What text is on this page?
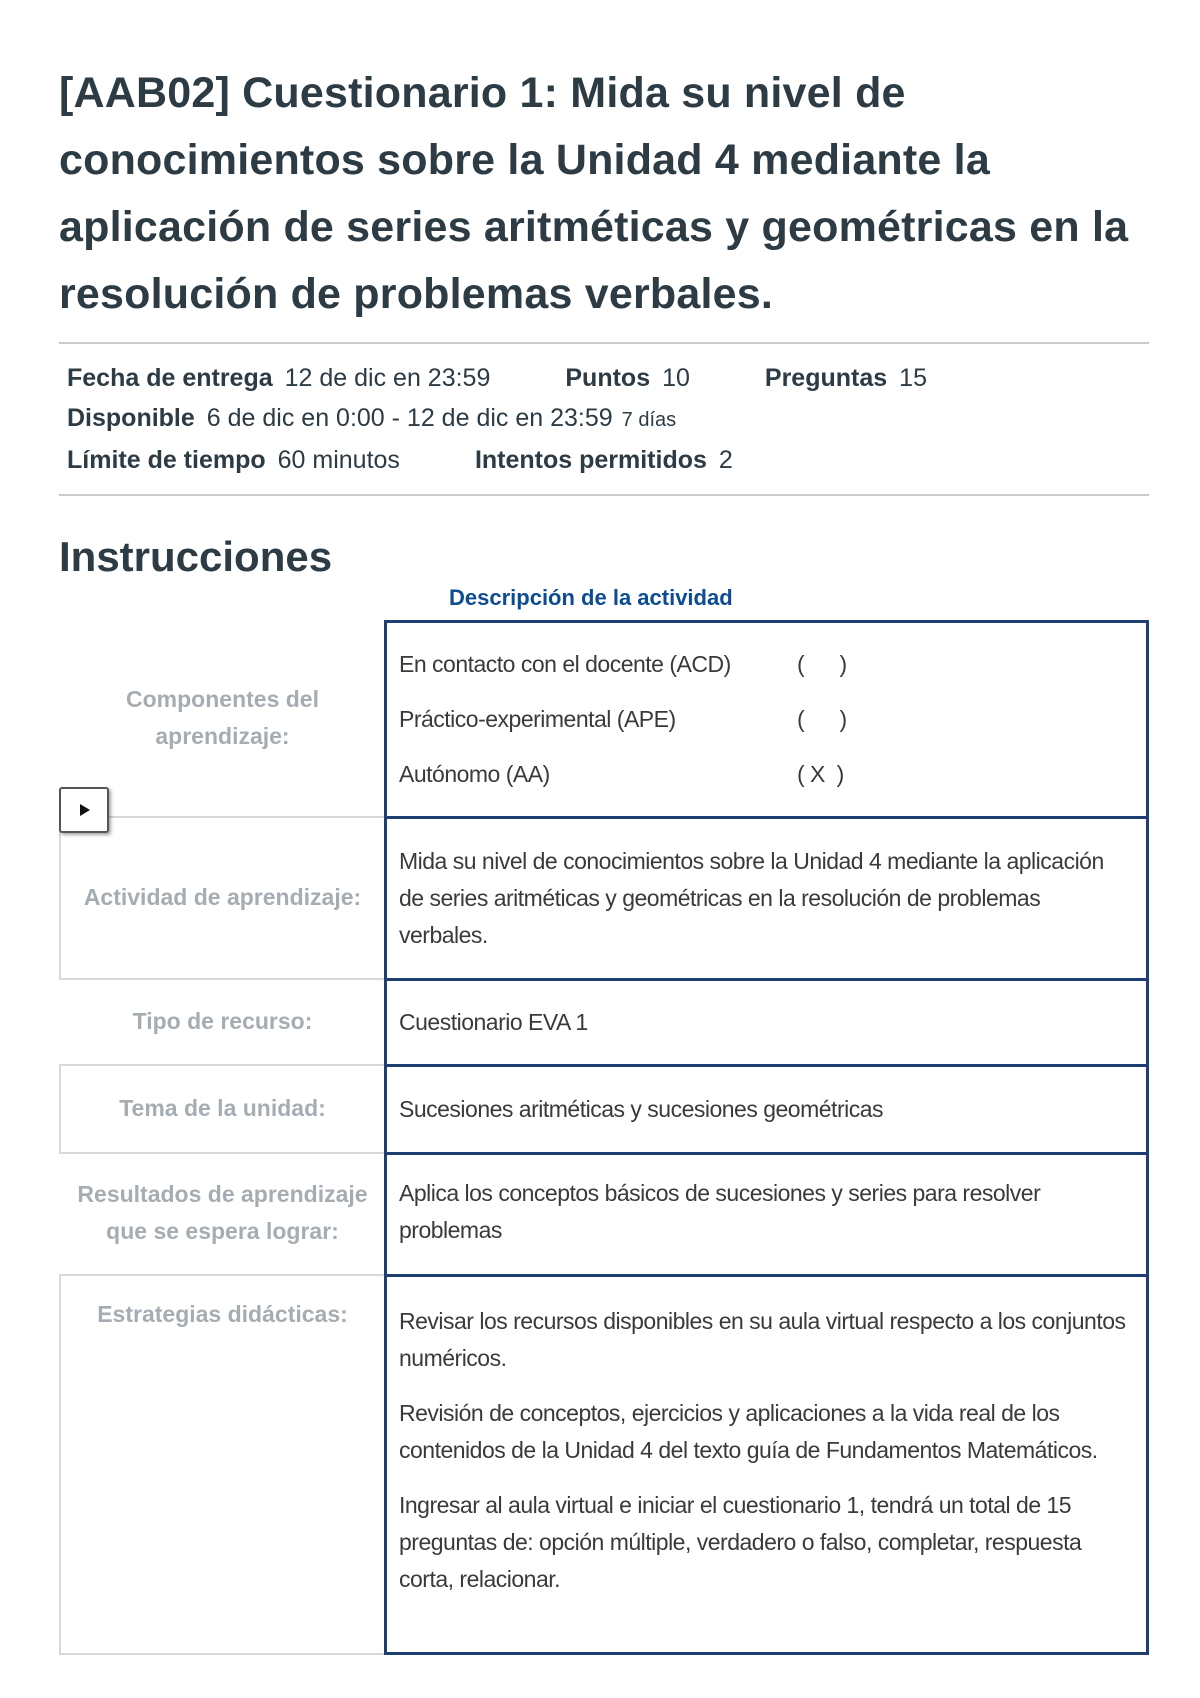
[AAB02] Cuestionario 1: Mida su nivel de conocimientos sobre la Unidad 4 mediante la aplicación de series aritméticas y geométricas en la resolución de problemas verbales.
Fecha de entrega 12 de dic en 23:59	Puntos 10	Preguntas 15
Disponible 6 de dic en 0:00 - 12 de dic en 23:59 7 días
Límite de tiempo 60 minutos	Intentos permitidos 2
Instrucciones
Descripción de la actividad
Componentes del aprendizaje:
En contacto con el docente (ACD)	(      )
Práctico-experimental (APE)	(      )
Autónomo (AA)	( X  )
Actividad de aprendizaje:
Mida su nivel de conocimientos sobre la Unidad 4 mediante la aplicación de series aritméticas y geométricas en la resolución de problemas verbales.
Tipo de recurso:	Cuestionario EVA 1
Tema de la unidad:	Sucesiones aritméticas y sucesiones geométricas
Resultados de aprendizaje que se espera lograr:
Aplica los conceptos básicos de sucesiones y series para resolver problemas
Estrategias didácticas:	Revisar los recursos disponibles en su aula virtual respecto a los conjuntos numéricos.

Revisión de conceptos, ejercicios y aplicaciones a la vida real de los contenidos de la Unidad 4 del texto guía de Fundamentos Matemáticos.

Ingresar al aula virtual e iniciar el cuestionario 1, tendrá un total de 15 preguntas de: opción múltiple, verdadero o falso, completar, respuesta corta, relacionar.
